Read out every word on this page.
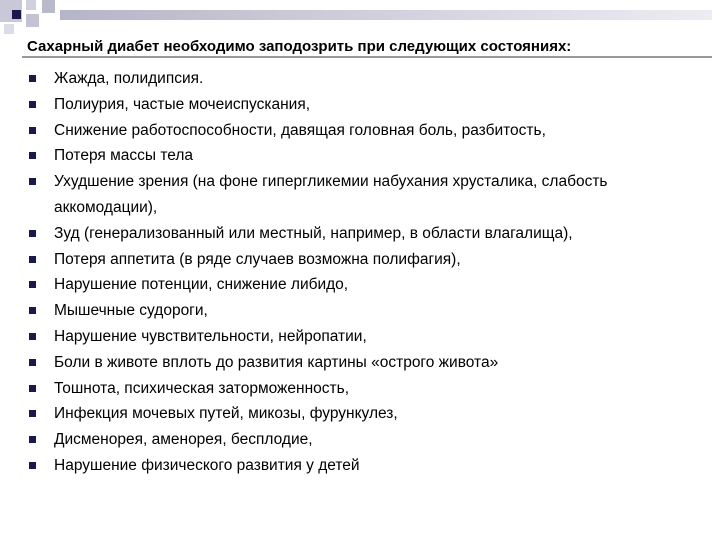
Сахарный диабет необходимо заподозрить при следующих состояниях:
Жажда, полидипсия.
Полиурия, частые мочеиспускания,
Снижение работоспособности, давящая головная боль, разбитость,
Потеря массы тела
Ухудшение зрения (на фоне гипергликемии набухания хрусталика, слабость аккомодации),
Зуд (генерализованный или местный, например, в области влагалища),
Потеря аппетита (в ряде случаев возможна полифагия),
Нарушение потенции, снижение либидо,
Мышечные судороги,
Нарушение чувствительности, нейропатии,
Боли в животе вплоть до развития картины «острого живота»
Тошнота, психическая заторможенность,
Инфекция мочевых путей, микозы, фурункулез,
Дисменорея, аменорея, бесплодие,
Нарушение физического развития у детей
